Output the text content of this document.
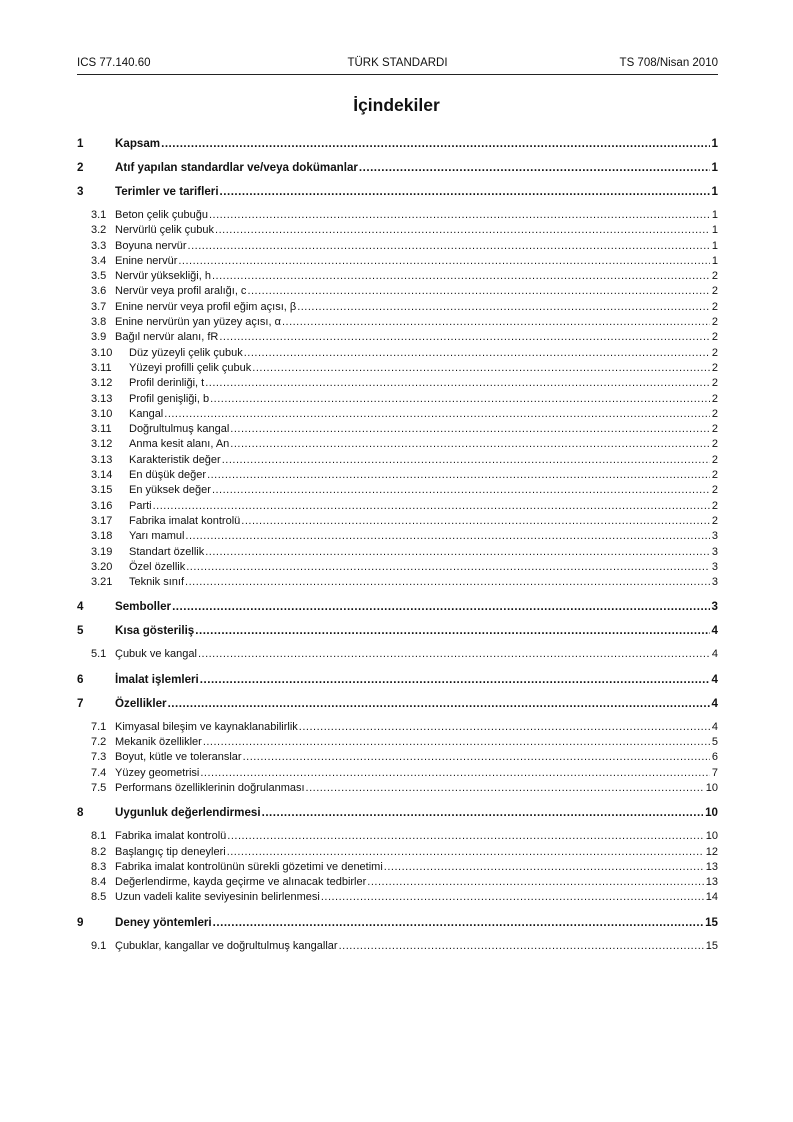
ICS 77.140.60	TÜRK STANDARDI	TS 708/Nisan 2010
İçindekiler
1	Kapsam .....	1
2	Atıf yapılan standardlar ve/veya dokümanlar .....	1
3	Terimler ve tarifleri .....	1
3.1 Beton çelik çubuğu .....	1
3.2 Nervürlü çelik çubuk .....	1
3.3 Boyuna nervür .....	1
3.4 Enine nervür .....	1
3.5 Nervür yüksekliği, h .....	2
3.6 Nervür veya profil aralığı, c .....	2
3.7 Enine nervür veya profil eğim açısı, β .....	2
3.8 Enine nervürün yan yüzey açısı, α .....	2
3.9 Bağıl nervür alanı, fR .....	2
3.10	Düz yüzeyli çelik çubuk .....	2
3.11	Yüzeyi profilli çelik çubuk .....	2
3.12	Profil derinliği, t .....	2
3.13	Profil genişliği, b .....	2
3.10	Kangal .....	2
3.11	Doğrultulmuş kangal .....	2
3.12	Anma kesit alanı, An .....	2
3.13	Karakteristik değer .....	2
3.14	En düşük değer .....	2
3.15	En yüksek değer .....	2
3.16	Parti .....	2
3.17	Fabrika imalat kontrolü .....	2
3.18	Yarı mamul .....	3
3.19	Standart özellik .....	3
3.20	Özel özellik .....	3
3.21	Teknik sınıf .....	3
4	Semboller .....	3
5	Kısa gösteriliş .....	4
5.1 Çubuk ve kangal .....	4
6	İmalat işlemleri .....	4
7	Özellikler .....	4
7.1 Kimyasal bileşim ve kaynaklanabilirlik .....	4
7.2 Mekanik özellikler .....	5
7.3 Boyut, kütle ve toleranslar .....	6
7.4 Yüzey geometrisi .....	7
7.5 Performans özelliklerinin doğrulanması .....	10
8	Uygunluk değerlendirmesi .....	10
8.1 Fabrika imalat kontrolü .....	10
8.2 Başlangıç tip deneyleri .....	12
8.3 Fabrika imalat kontrolünün sürekli gözetimi ve denetimi .....	13
8.4 Değerlendirme, kayda geçirme ve alınacak tedbirler .....	13
8.5 Uzun vadeli kalite seviyesinin belirlenmesi .....	14
9	Deney yöntemleri .....	15
9.1 Çubuklar, kangallar ve doğrultulmuş kangallar .....	15
